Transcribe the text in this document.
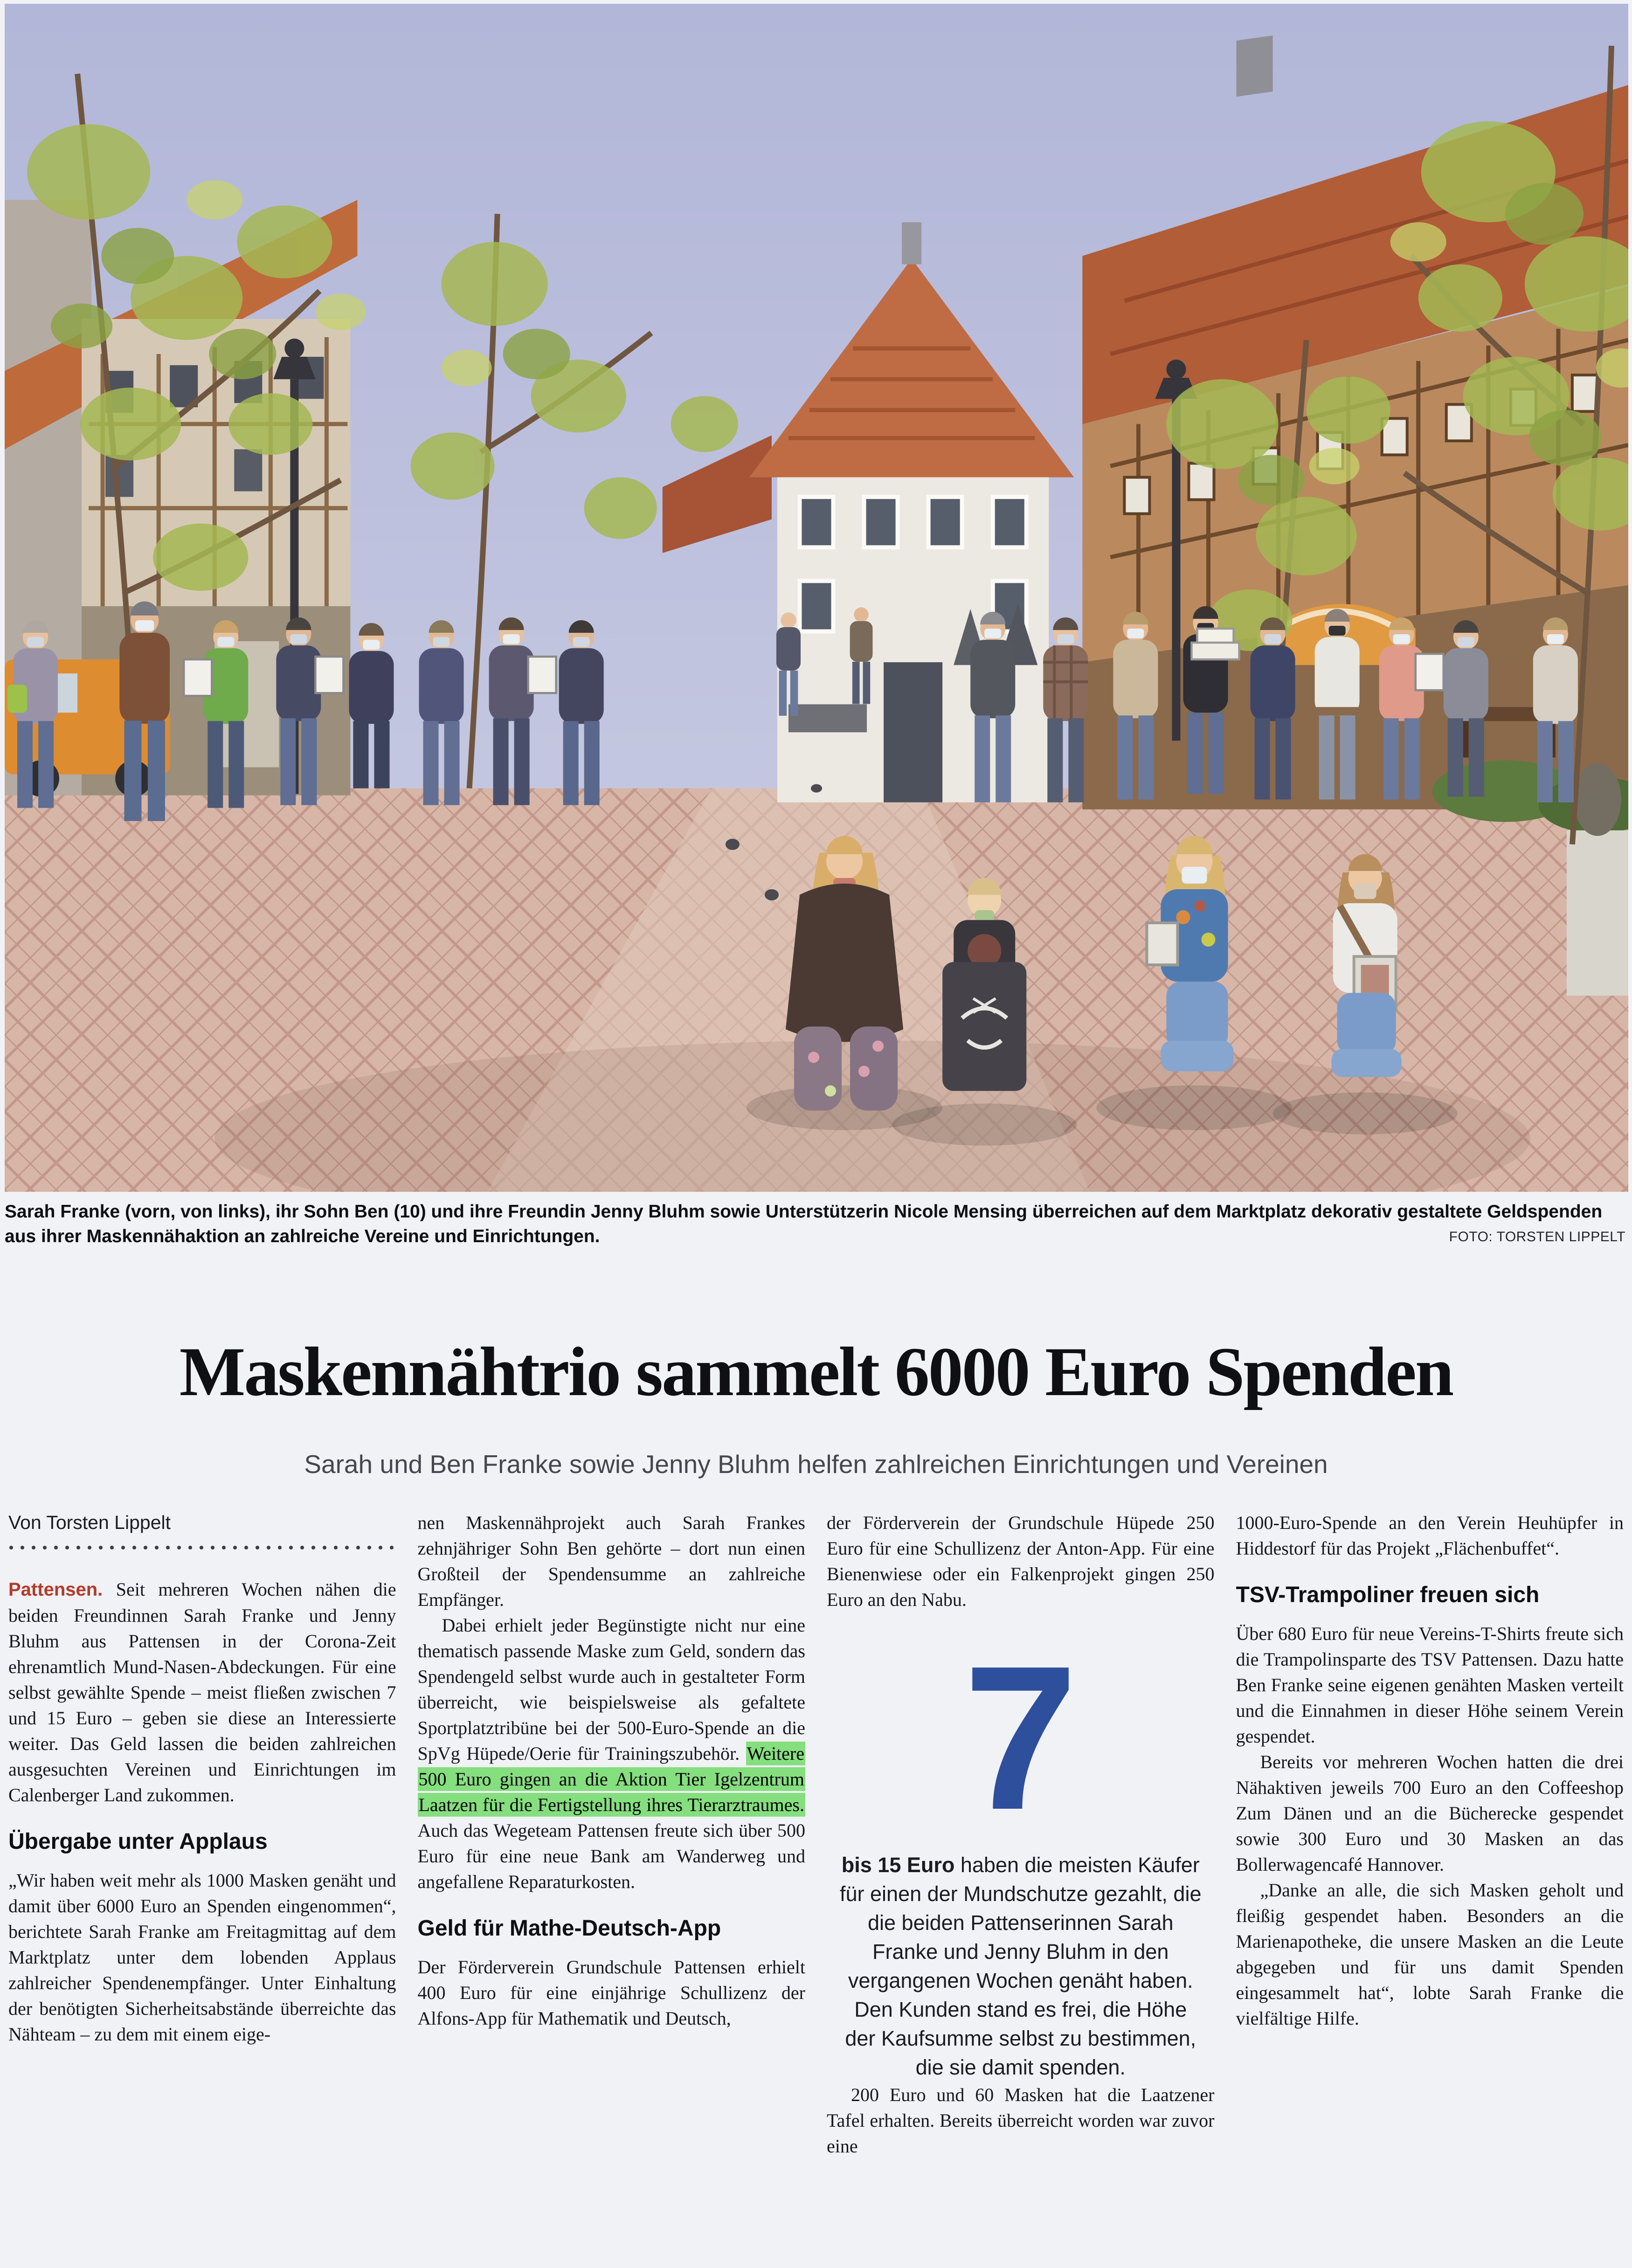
Sarah Franke (vorn, von links), ihr Sohn Ben (10) und ihre Freundin Jenny Bluhm sowie Unterstützerin Nicole Mensing überreichen auf dem Marktplatz dekorativ gestaltete Geldspenden aus ihrer Maskennähaktion an zahlreiche Vereine und Einrichtungen.	FOTO: TORSTEN LIPPELT
Maskennähtrio sammelt 6000 Euro Spenden
Sarah und Ben Franke sowie Jenny Bluhm helfen zahlreichen Einrichtungen und Vereinen
Von Torsten Lippelt

Pattensen. Seit mehreren Wochen nähen die beiden Freundinnen Sarah Franke und Jenny Bluhm aus Pattensen in der Corona-Zeit ehrenamtlich Mund-Nasen-Abdeckungen. Für eine selbst gewählte Spende – meist fließen zwischen 7 und 15 Euro – geben sie diese an Interessierte weiter. Das Geld lassen die beiden zahlreichen ausgesuchten Vereinen und Einrichtungen im Calenberger Land zukommen.

Übergabe unter Applaus

„Wir haben weit mehr als 1000 Masken genäht und damit über 6000 Euro an Spenden eingenommen“, berichtete Sarah Franke am Freitagmittag auf dem Marktplatz unter dem lobenden Applaus zahlreicher Spendenempfänger. Unter Einhaltung der benötigten Sicherheitsabstände überreichte das Nähteam – zu dem mit einem eige-

nen Maskennähprojekt auch Sarah Frankes zehnjähriger Sohn Ben gehörte – dort nun einen Großteil der Spendensumme an zahlreiche Empfänger.

Dabei erhielt jeder Begünstigte nicht nur eine thematisch passende Maske zum Geld, sondern das Spendengeld selbst wurde auch in gestalteter Form überreicht, wie beispielsweise als gefaltete Sportplatztribüne bei der 500-Euro-Spende an die SpVg Hüpede/Oerie für Trainingszubehör. Weitere 500 Euro gingen an die Aktion Tier Igelzentrum Laatzen für die Fertigstellung ihres Tierarztraumes. Auch das Wegeteam Pattensen freute sich über 500 Euro für eine neue Bank am Wanderweg und angefallene Reparaturkosten.

Geld für Mathe-Deutsch-App

Der Förderverein Grundschule Pattensen erhielt 400 Euro für eine einjährige Schullizenz der Alfons-App für Mathematik und Deutsch,

der Förderverein der Grundschule Hüpede 250 Euro für eine Schullizenz der Anton-App. Für eine Bienenwiese oder ein Falkenprojekt gingen 250 Euro an den Nabu.

7

bis 15 Euro haben die meisten Käufer für einen der Mundschutze gezahlt, die die beiden Pattenserinnen Sarah Franke und Jenny Bluhm in den vergangenen Wochen genäht haben. Den Kunden stand es frei, die Höhe der Kaufsumme selbst zu bestimmen, die sie damit spenden.

200 Euro und 60 Masken hat die Laatzener Tafel erhalten. Bereits überreicht worden war zuvor eine

1000-Euro-Spende an den Verein Heuhüpfer in Hiddestorf für das Projekt „Flächenbuffet“.

TSV-Trampoliner freuen sich

Über 680 Euro für neue Vereins-T-Shirts freute sich die Trampolinsparte des TSV Pattensen. Dazu hatte Ben Franke seine eigenen genähten Masken verteilt und die Einnahmen in dieser Höhe seinem Verein gespendet.

Bereits vor mehreren Wochen hatten die drei Nähaktiven jeweils 700 Euro an den Coffeeshop Zum Dänen und an die Bücherecke gespendet sowie 300 Euro und 30 Masken an das Bollerwagencafé Hannover.

„Danke an alle, die sich Masken geholt und fleißig gespendet haben. Besonders an die Marienapotheke, die unsere Masken an die Leute abgegeben und für uns damit Spenden eingesammelt hat“, lobte Sarah Franke die vielfältige Hilfe.
